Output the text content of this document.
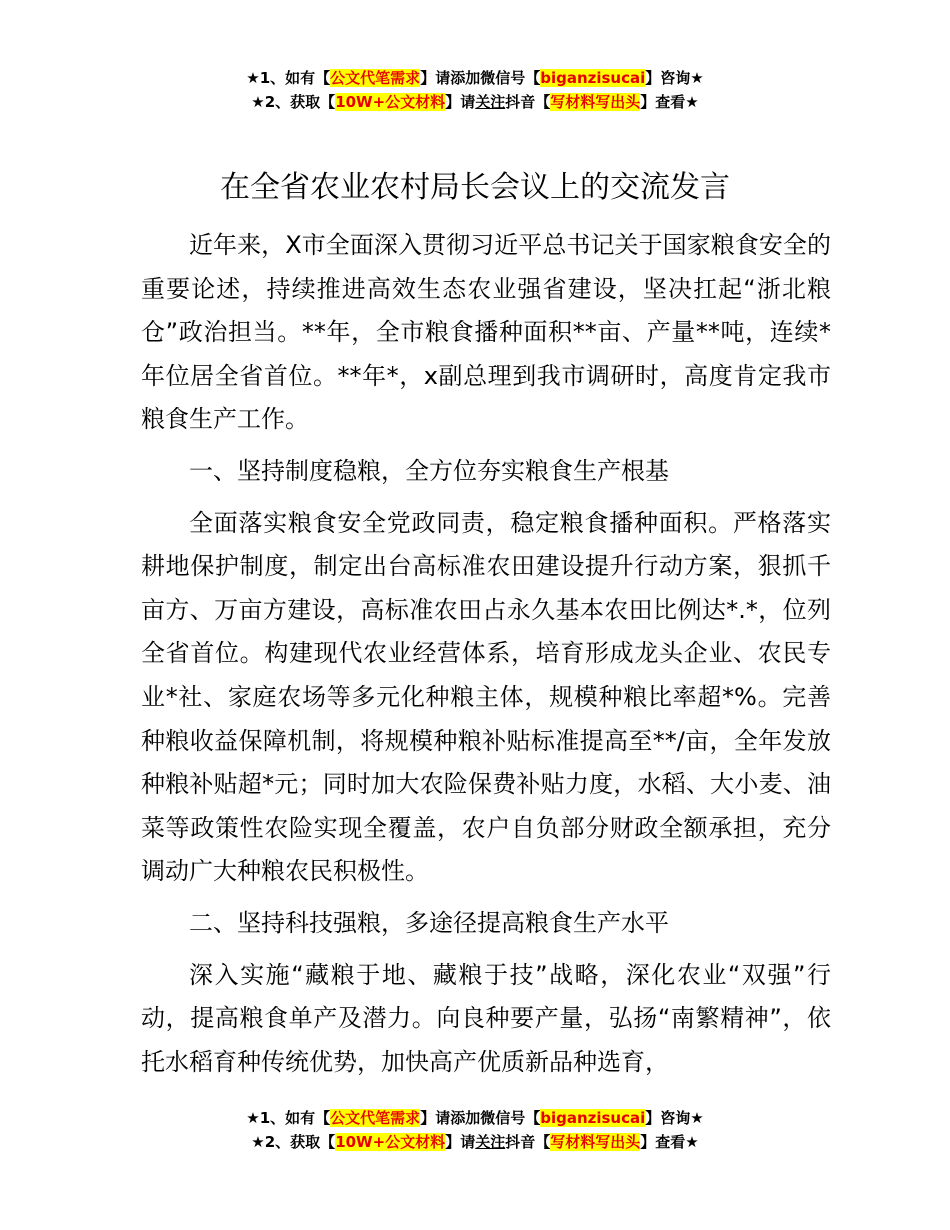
★1、如有【公文代笔需求】请添加微信号【biganzisucai】咨询★
★2、获取【10W+公文材料】请关注抖音【写材料写出头】查看★
在全省农业农村局长会议上的交流发言

近年来，X市全面深入贯彻习近平总书记关于国家粮食安全的重要论述，持续推进高效生态农业强省建设，坚决扛起“浙北粮仓”政治担当。**年，全市粮食播种面积**亩、产量**吨，连续*年位居全省首位。**年*，x副总理到我市调研时，高度肯定我市粮食生产工作。

一、坚持制度稳粮，全方位夯实粮食生产根基

全面落实粮食安全党政同责，稳定粮食播种面积。严格落实耕地保护制度，制定出台高标准农田建设提升行动方案，狠抓千亩方、万亩方建设，高标准农田占永久基本农田比例达*.*，位列全省首位。构建现代农业经营体系，培育形成龙头企业、农民专业*社、家庭农场等多元化种粮主体，规模种粮比率超*%。完善种粮收益保障机制，将规模种粮补贴标准提高至**/亩，全年发放种粮补贴超*元；同时加大农险保费补贴力度，水稻、大小麦、油菜等政策性农险实现全覆盖，农户自负部分财政全额承担，充分调动广大种粮农民积极性。

二、坚持科技强粮，多途径提高粮食生产水平

深入实施“藏粮于地、藏粮于技”战略，深化农业“双强”行动，提高粮食单产及潜力。向良种要产量，弘扬“南繁精神”，依托水稻育种传统优势，加快高产优质新品种选育，

★1、如有【公文代笔需求】请添加微信号【biganzisucai】咨询★
★2、获取【10W+公文材料】请关注抖音【写材料写出头】查看★
